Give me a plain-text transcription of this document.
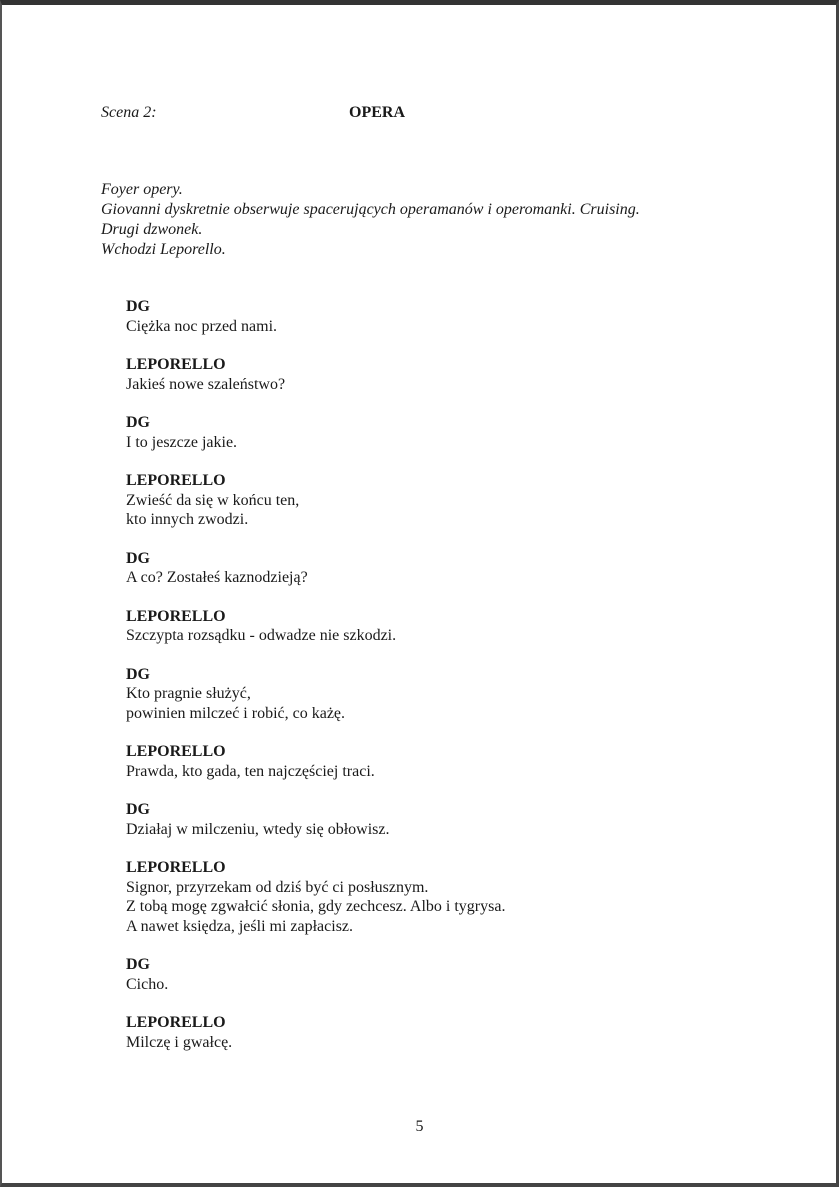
Scena 2:	OPERA
Foyer opery.
Giovanni dyskretnie obserwuje spacerujących operamanów i operomanki. Cruising.
Drugi dzwonek.
Wchodzi Leporello.
DG
Ciężka noc przed nami.
LEPORELLO
Jakieś nowe szaleństwo?
DG
I to jeszcze jakie.
LEPORELLO
Zwieść da się w końcu ten,
kto innych zwodzi.
DG
A co? Zostałeś kaznodzieją?
LEPORELLO
Szczypta rozsądku - odwadze nie szkodzi.
DG
Kto pragnie służyć,
powinien milczeć i robić, co każę.
LEPORELLO
Prawda, kto gada, ten najczęściej traci.
DG
Działaj w milczeniu, wtedy się obłowisz.
LEPORELLO
Signor, przyrzekam od dziś być ci posłusznym.
Z tobą mogę zgwałcić słonia, gdy zechcesz. Albo i tygrysa.
A nawet księdza, jeśli mi zapłacisz.
DG
Cicho.
LEPORELLO
Milczę i gwałcę.
5
